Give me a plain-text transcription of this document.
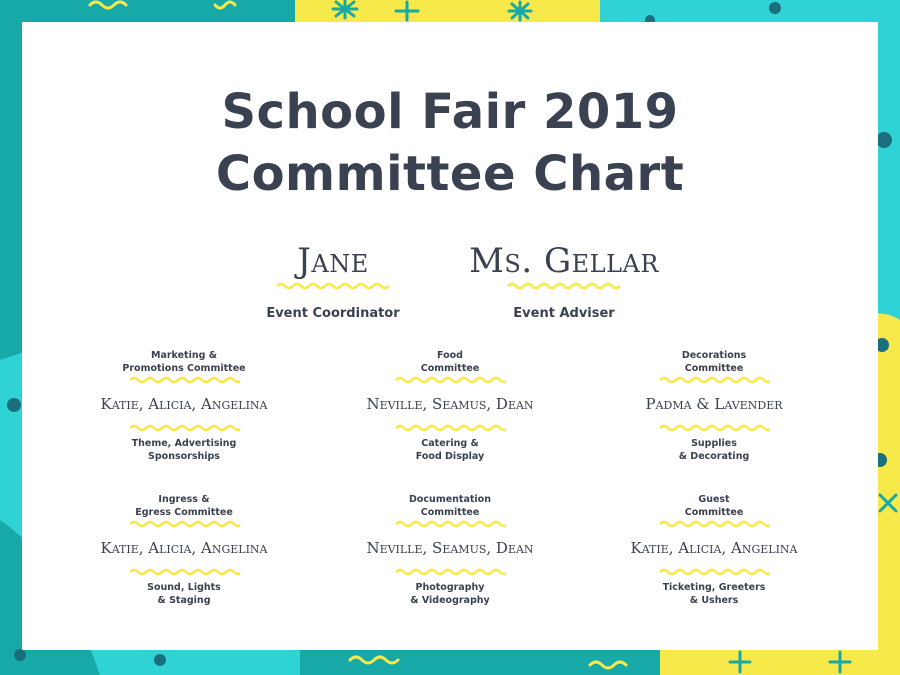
School Fair 2019
Committee Chart
Jane
Event Coordinator
Ms. Gellar
Event Adviser
Marketing &
Promotions Committee
Katie, Alicia, Angelina
Theme, Advertising
Sponsorships
Food
Committee
Neville, Seamus, Dean
Catering &
Food Display
Decorations
Committee
Padma & Lavender
Supplies
& Decorating
Ingress &
Egress Committee
Katie, Alicia, Angelina
Sound, Lights
& Staging
Documentation
Committee
Neville, Seamus, Dean
Photography
& Videography
Guest
Committee
Katie, Alicia, Angelina
Ticketing, Greeters
& Ushers
